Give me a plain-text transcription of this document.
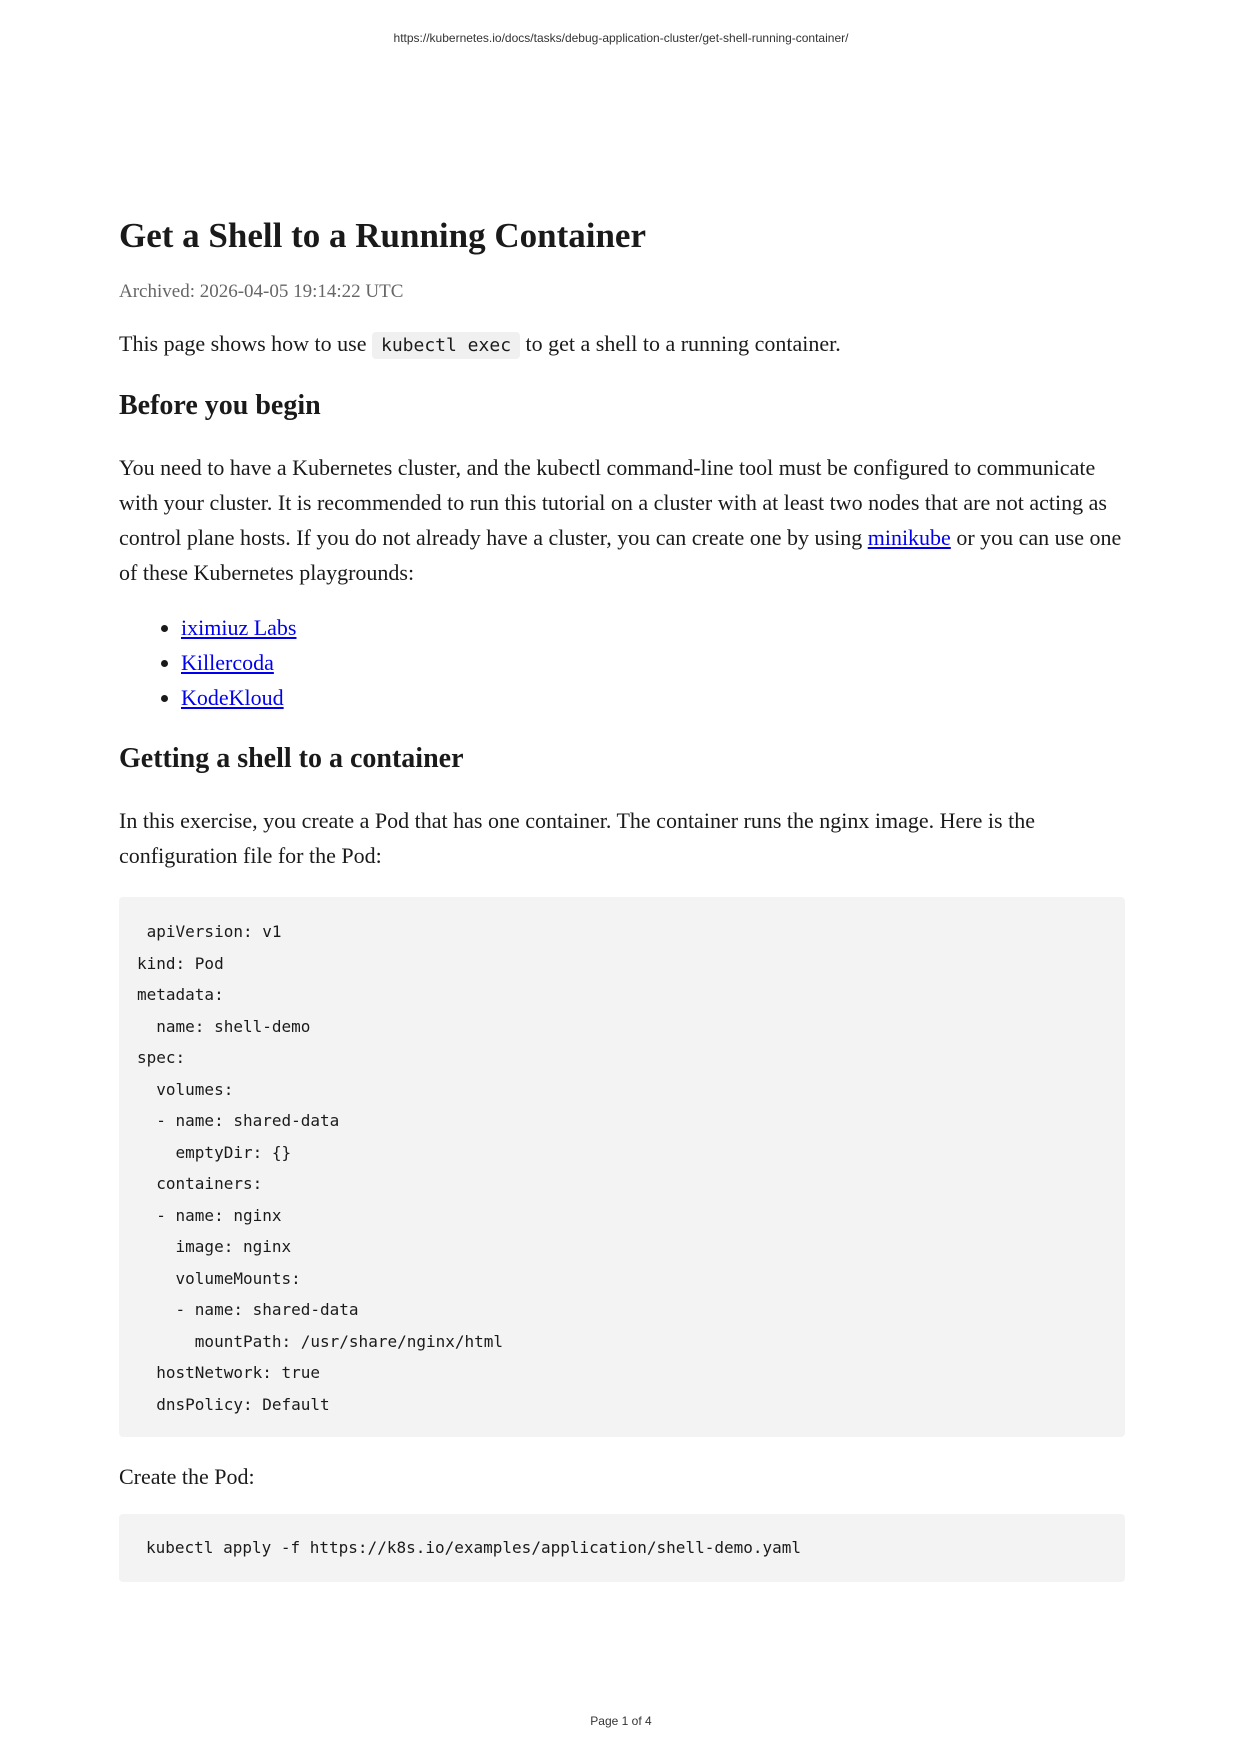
https://kubernetes.io/docs/tasks/debug-application-cluster/get-shell-running-container/
Get a Shell to a Running Container
Archived: 2026-04-05 19:14:22 UTC

This page shows how to use kubectl exec to get a shell to a running container.

Before you begin

You need to have a Kubernetes cluster, and the kubectl command-line tool must be configured to communicate with your cluster. It is recommended to run this tutorial on a cluster with at least two nodes that are not acting as control plane hosts. If you do not already have a cluster, you can create one by using minikube or you can use one of these Kubernetes playgrounds:

• iximiuz Labs
• Killercoda
• KodeKloud
Getting a shell to a container

In this exercise, you create a Pod that has one container. The container runs the nginx image. Here is the configuration file for the Pod:

apiVersion: v1
kind: Pod
metadata:
name: shell-demo
spec:
volumes:
- name: shared-data
emptyDir: {}
containers:
- name: nginx
image: nginx
volumeMounts:
- name: shared-data
mountPath: /usr/share/nginx/html
hostNetwork: true
dnsPolicy: Default

Create the Pod:

kubectl apply -f https://k8s.io/examples/application/shell-demo.yaml
Page 1 of 4
